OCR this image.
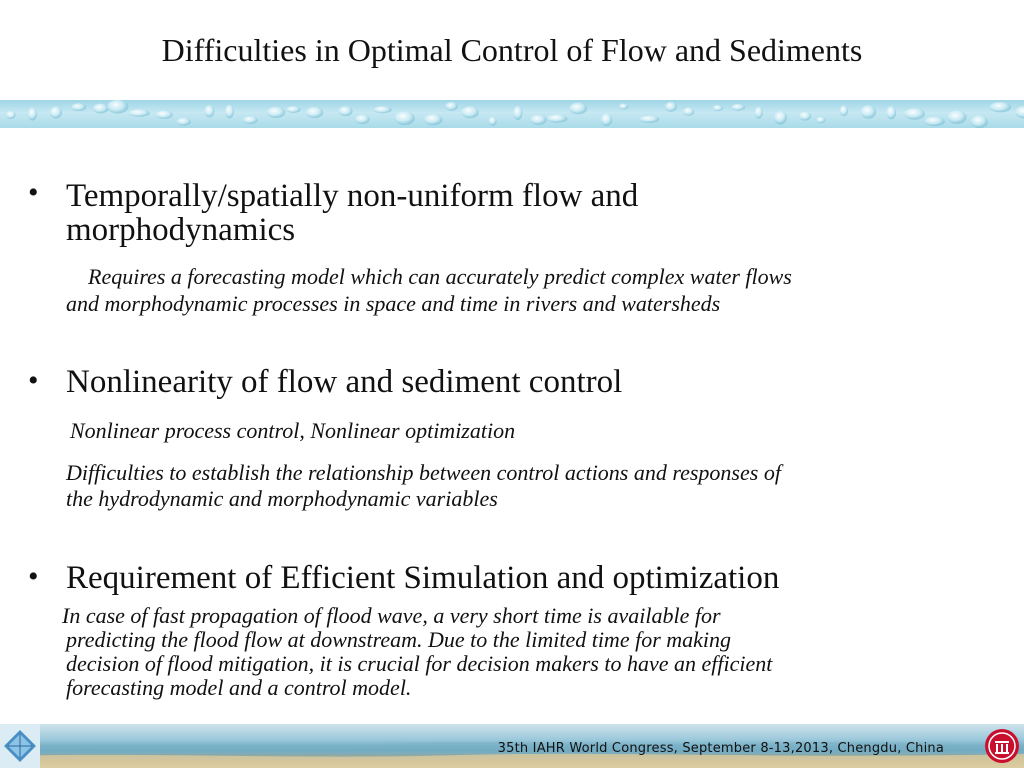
Difficulties in Optimal Control of Flow and Sediments
• Temporally/spatially non-uniform flow and
morphodynamics
Requires a forecasting model which can accurately predict complex water flows
and morphodynamic processes in space and time in rivers and watersheds
• Nonlinearity of flow and sediment control
Nonlinear process control, Nonlinear optimization
Difficulties to establish the relationship between control actions and responses of
the hydrodynamic and morphodynamic variables
• Requirement of Efficient Simulation and optimization
In case of fast propagation of flood wave, a very short time is available for
predicting the flood flow at downstream. Due to the limited time for making
decision of flood mitigation, it is crucial for decision makers to have an efficient
forecasting model and a control model.
35th IAHR World Congress, September 8-13,2013, Chengdu, China
